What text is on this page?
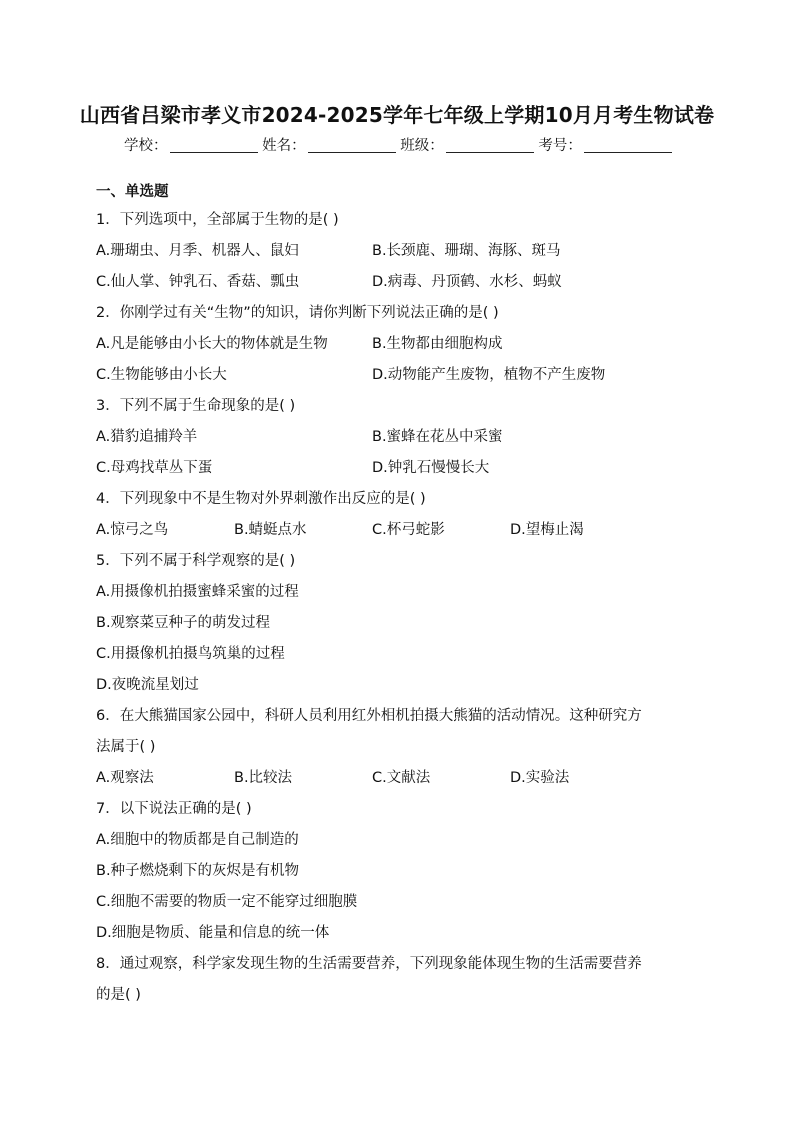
山西省吕梁市孝义市2024-2025学年七年级上学期10月月考生物试卷
学校：	姓名：	班级：	考号：
一、单选题
1．下列选项中，全部属于生物的是( )
A.珊瑚虫、月季、机器人、鼠妇	B.长颈鹿、珊瑚、海豚、斑马
C.仙人掌、钟乳石、香菇、瓢虫	D.病毒、丹顶鹤、水杉、蚂蚁
2．你刚学过有关“生物”的知识，请你判断下列说法正确的是( )
A.凡是能够由小长大的物体就是生物	B.生物都由细胞构成
C.生物能够由小长大	D.动物能产生废物，植物不产生废物
3．下列不属于生命现象的是( )
A.猎豹追捕羚羊	B.蜜蜂在花丛中采蜜
C.母鸡找草丛下蛋	D.钟乳石慢慢长大
4．下列现象中不是生物对外界刺激作出反应的是( )
A.惊弓之鸟	B.蜻蜓点水	C.杯弓蛇影	D.望梅止渴
5．下列不属于科学观察的是( )
A.用摄像机拍摄蜜蜂采蜜的过程
B.观察菜豆种子的萌发过程
C.用摄像机拍摄鸟筑巢的过程
D.夜晚流星划过
6．在大熊猫国家公园中，科研人员利用红外相机拍摄大熊猫的活动情况。这种研究方
法属于( )
A.观察法	B.比较法	C.文献法	D.实验法
7．以下说法正确的是( )
A.细胞中的物质都是自己制造的
B.种子燃烧剩下的灰烬是有机物
C.细胞不需要的物质一定不能穿过细胞膜
D.细胞是物质、能量和信息的统一体
8．通过观察，科学家发现生物的生活需要营养，下列现象能体现生物的生活需要营养
的是( )
